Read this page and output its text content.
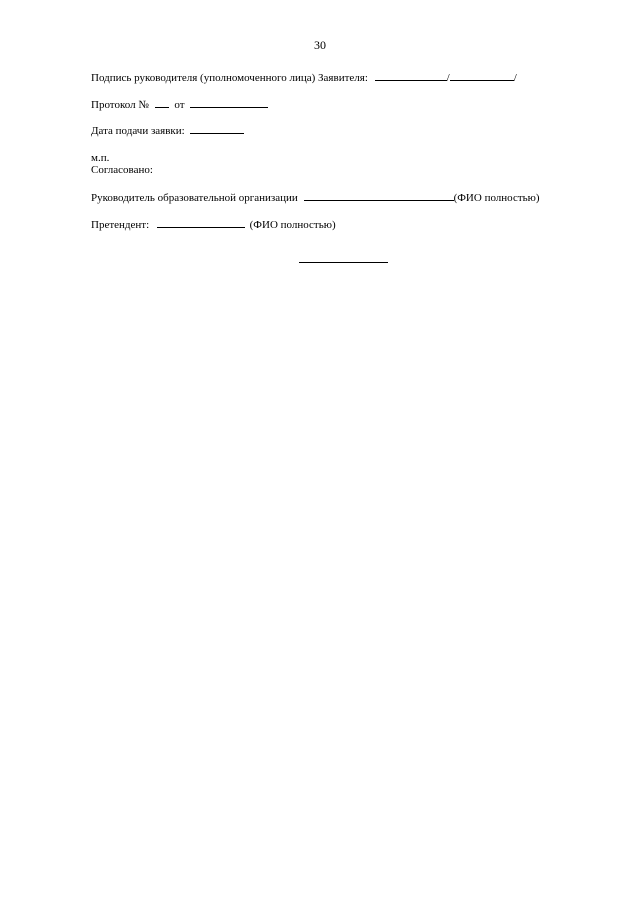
30
Подпись руководителя (уполномоченного лица) Заявителя:	/	/
Протокол № от
Дата подачи заявки:
м.п.
Согласовано:
Руководитель образовательной организации	(ФИО полностью)
Претендент:	(ФИО полностью)
